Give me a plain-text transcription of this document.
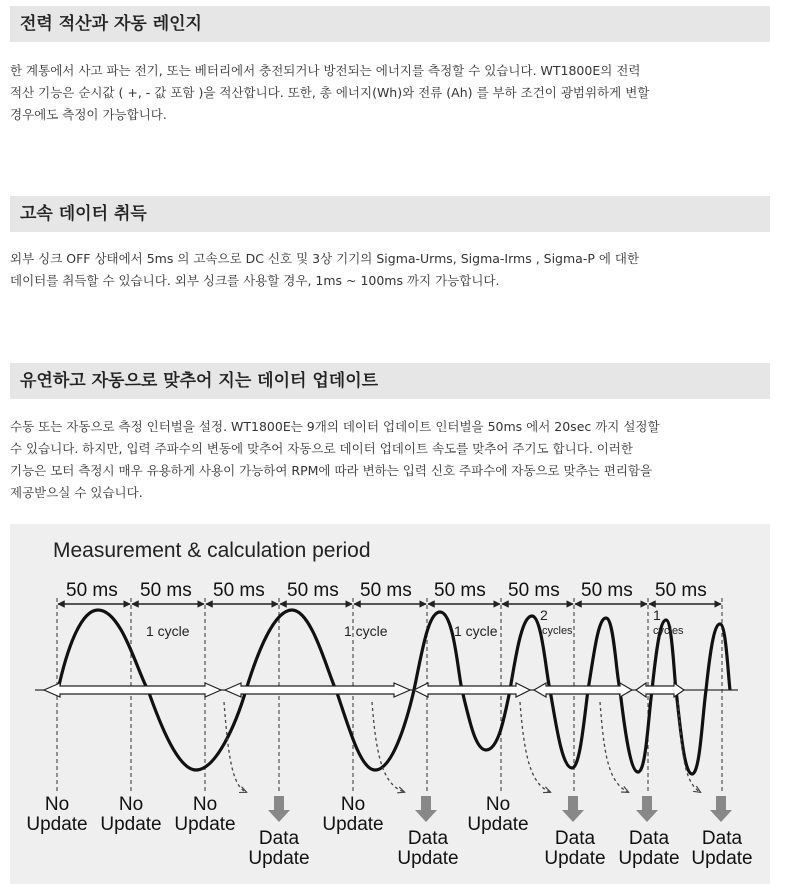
전력 적산과 자동 레인지

한 계통에서 사고 파는 전기, 또는 베터리에서 충전되거나 방전되는 에너지를 측정할 수 있습니다. WT1800E의 전력
적산 기능은 순시값 ( +, - 값 포함 )을 적산합니다. 또한, 총 에너지(Wh)와 전류 (Ah) 를 부하 조건이 광범위하게 변할
경우에도 측정이 가능합니다.

고속 데이터 취득

외부 싱크 OFF 상태에서 5ms 의 고속으로 DC 신호 및 3상 기기의 Sigma-Urms, Sigma-Irms , Sigma-P 에 대한
데이터를 취득할 수 있습니다. 외부 싱크를 사용할 경우, 1ms ~ 100ms 까지 가능합니다.

유연하고 자동으로 맞추어 지는 데이터 업데이트

수동 또는 자동으로 측정 인터벌을 설정. WT1800E는 9개의 데이터 업데이트 인터벌을 50ms 에서 20sec 까지 설정할
수 있습니다. 하지만, 입력 주파수의 변동에 맞추어 자동으로 데이터 업데이트 속도를 맞추어 주기도 합니다. 이러한
기능은 모터 측정시 매우 유용하게 사용이 가능하여 RPM에 따라 변하는 입력 신호 주파수에 자동으로 맞추는 편리함을
제공받으실 수 있습니다.

Measurement & calculation period
50 ms 50 ms 50 ms 50 ms 50 ms 50 ms 50 ms 50 ms 50 ms
1 cycle	1 cycle	1 cycle
2
cycles
1
cycles
No
Update
No
Update
No
Update
No
Update
No
Update
Data
Update
Data
Update
Data
Update
Data
Update
Data
Update
